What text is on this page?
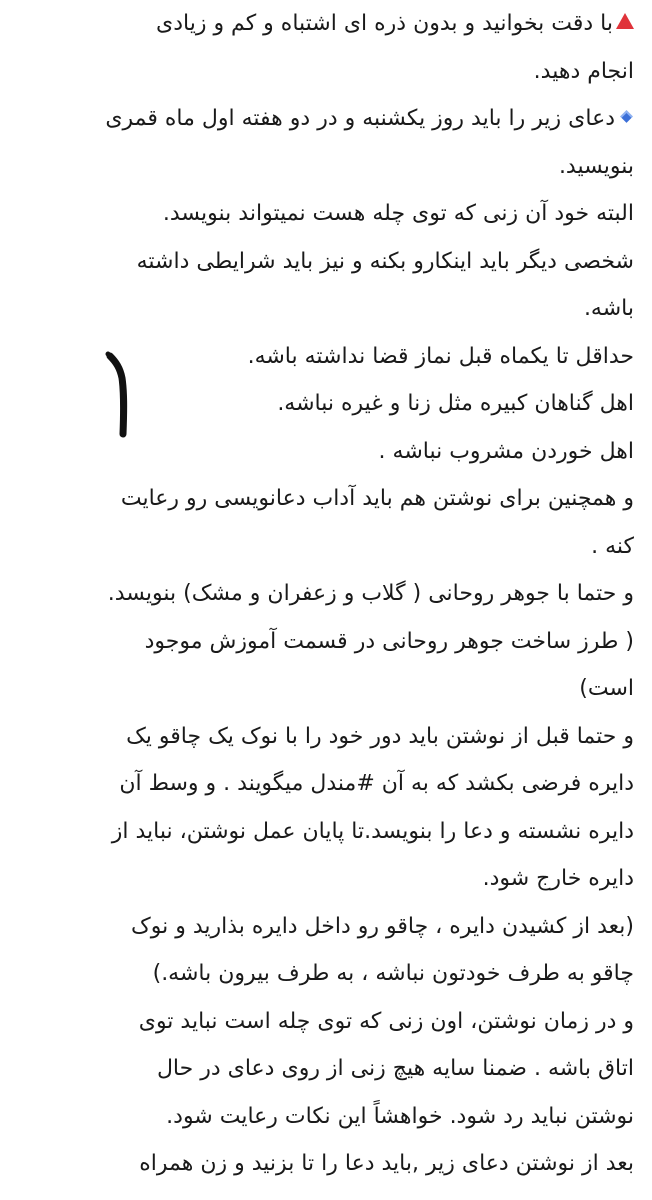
با دقت بخوانید و بدون ذره ای اشتباه و کم و زیادی
انجام دهید.
دعای زیر را باید روز یکشنبه و در دو هفته اول ماه قمری
بنویسید.
البته خود آن زنی که توی چله هست نمیتواند بنویسد.
شخصی دیگر باید اینکارو بکنه و نیز باید شرایطی داشته
باشه.
حداقل تا یکماه قبل نماز قضا نداشته باشه.
اهل گناهان کبیره مثل زنا و غیره نباشه.
اهل خوردن مشروب نباشه .
و همچنین برای نوشتن هم باید آداب دعانویسی رو رعایت
کنه .
و حتما با جوهر روحانی ( گلاب و زعفران و مشک) بنویسد.
( طرز ساخت جوهر روحانی در قسمت آموزش موجود
است)
و حتما قبل از نوشتن باید دور خود را با نوک یک چاقو یک
دایره فرضی بکشد که به آن #مندل میگویند . و وسط آن
دایره نشسته و دعا را بنویسد.تا پایان عمل نوشتن، نباید از
دایره خارج شود.
(بعد از کشیدن دایره ، چاقو رو داخل دایره بذارید و نوک
چاقو به طرف خودتون نباشه ، به طرف بیرون باشه.)
و در زمان نوشتن، اون زنی که توی چله است نباید توی
اتاق باشه . ضمنا سایه هیچ زنی از روی دعای در حال
نوشتن نباید رد شود. خواهشاً این نکات رعایت شود.
بعد از نوشتن دعای زیر ,باید دعا را تا بزنید و زن همراه
